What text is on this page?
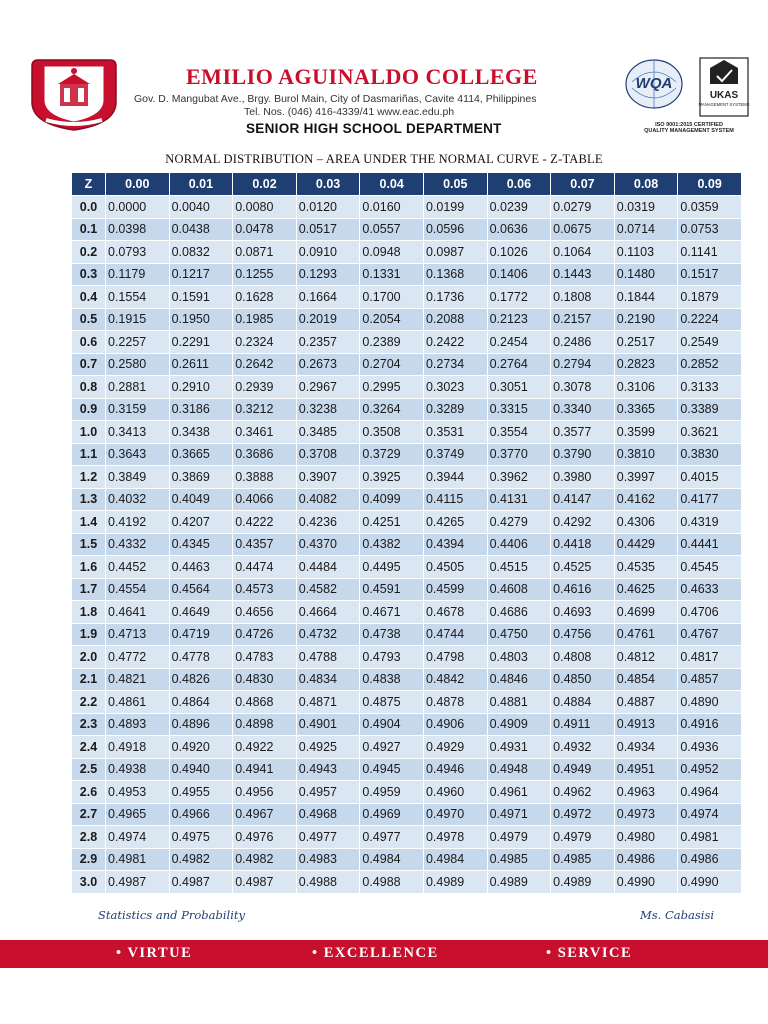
EMILIO AGUINALDO COLLEGE
Gov. D. Mangubat Ave., Brgy. Burol Main, City of Dasmariñas, Cavite 4114, Philippines
Tel. Nos. (046) 416-4339/41 www.eac.edu.ph
SENIOR HIGH SCHOOL DEPARTMENT
WQA
UKAS
MANAGEMENT SYSTEMS
ISO 9001:2015 CERTIFIED
QUALITY MANAGEMENT SYSTEM
NORMAL DISTRIBUTION – AREA UNDER THE NORMAL CURVE - Z-TABLE
Z	0.00	0.01	0.02	0.03	0.04	0.05	0.06	0.07	0.08	0.09
0.0	0.0000	0.0040	0.0080	0.0120	0.0160	0.0199	0.0239	0.0279	0.0319	0.0359
0.1	0.0398	0.0438	0.0478	0.0517	0.0557	0.0596	0.0636	0.0675	0.0714	0.0753
0.2	0.0793	0.0832	0.0871	0.0910	0.0948	0.0987	0.1026	0.1064	0.1103	0.1141
0.3	0.1179	0.1217	0.1255	0.1293	0.1331	0.1368	0.1406	0.1443	0.1480	0.1517
0.4	0.1554	0.1591	0.1628	0.1664	0.1700	0.1736	0.1772	0.1808	0.1844	0.1879
0.5	0.1915	0.1950	0.1985	0.2019	0.2054	0.2088	0.2123	0.2157	0.2190	0.2224
0.6	0.2257	0.2291	0.2324	0.2357	0.2389	0.2422	0.2454	0.2486	0.2517	0.2549
0.7	0.2580	0.2611	0.2642	0.2673	0.2704	0.2734	0.2764	0.2794	0.2823	0.2852
0.8	0.2881	0.2910	0.2939	0.2967	0.2995	0.3023	0.3051	0.3078	0.3106	0.3133
0.9	0.3159	0.3186	0.3212	0.3238	0.3264	0.3289	0.3315	0.3340	0.3365	0.3389
1.0	0.3413	0.3438	0.3461	0.3485	0.3508	0.3531	0.3554	0.3577	0.3599	0.3621
1.1	0.3643	0.3665	0.3686	0.3708	0.3729	0.3749	0.3770	0.3790	0.3810	0.3830
1.2	0.3849	0.3869	0.3888	0.3907	0.3925	0.3944	0.3962	0.3980	0.3997	0.4015
1.3	0.4032	0.4049	0.4066	0.4082	0.4099	0.4115	0.4131	0.4147	0.4162	0.4177
1.4	0.4192	0.4207	0.4222	0.4236	0.4251	0.4265	0.4279	0.4292	0.4306	0.4319
1.5	0.4332	0.4345	0.4357	0.4370	0.4382	0.4394	0.4406	0.4418	0.4429	0.4441
1.6	0.4452	0.4463	0.4474	0.4484	0.4495	0.4505	0.4515	0.4525	0.4535	0.4545
1.7	0.4554	0.4564	0.4573	0.4582	0.4591	0.4599	0.4608	0.4616	0.4625	0.4633
1.8	0.4641	0.4649	0.4656	0.4664	0.4671	0.4678	0.4686	0.4693	0.4699	0.4706
1.9	0.4713	0.4719	0.4726	0.4732	0.4738	0.4744	0.4750	0.4756	0.4761	0.4767
2.0	0.4772	0.4778	0.4783	0.4788	0.4793	0.4798	0.4803	0.4808	0.4812	0.4817
2.1	0.4821	0.4826	0.4830	0.4834	0.4838	0.4842	0.4846	0.4850	0.4854	0.4857
2.2	0.4861	0.4864	0.4868	0.4871	0.4875	0.4878	0.4881	0.4884	0.4887	0.4890
2.3	0.4893	0.4896	0.4898	0.4901	0.4904	0.4906	0.4909	0.4911	0.4913	0.4916
2.4	0.4918	0.4920	0.4922	0.4925	0.4927	0.4929	0.4931	0.4932	0.4934	0.4936
2.5	0.4938	0.4940	0.4941	0.4943	0.4945	0.4946	0.4948	0.4949	0.4951	0.4952
2.6	0.4953	0.4955	0.4956	0.4957	0.4959	0.4960	0.4961	0.4962	0.4963	0.4964
2.7	0.4965	0.4966	0.4967	0.4968	0.4969	0.4970	0.4971	0.4972	0.4973	0.4974
2.8	0.4974	0.4975	0.4976	0.4977	0.4977	0.4978	0.4979	0.4979	0.4980	0.4981
2.9	0.4981	0.4982	0.4982	0.4983	0.4984	0.4984	0.4985	0.4985	0.4986	0.4986
3.0	0.4987	0.4987	0.4987	0.4988	0.4988	0.4989	0.4989	0.4989	0.4990	0.4990
Statistics and Probability	Ms. Cabasisi
• VIRTUE	• EXCELLENCE	• SERVICE
